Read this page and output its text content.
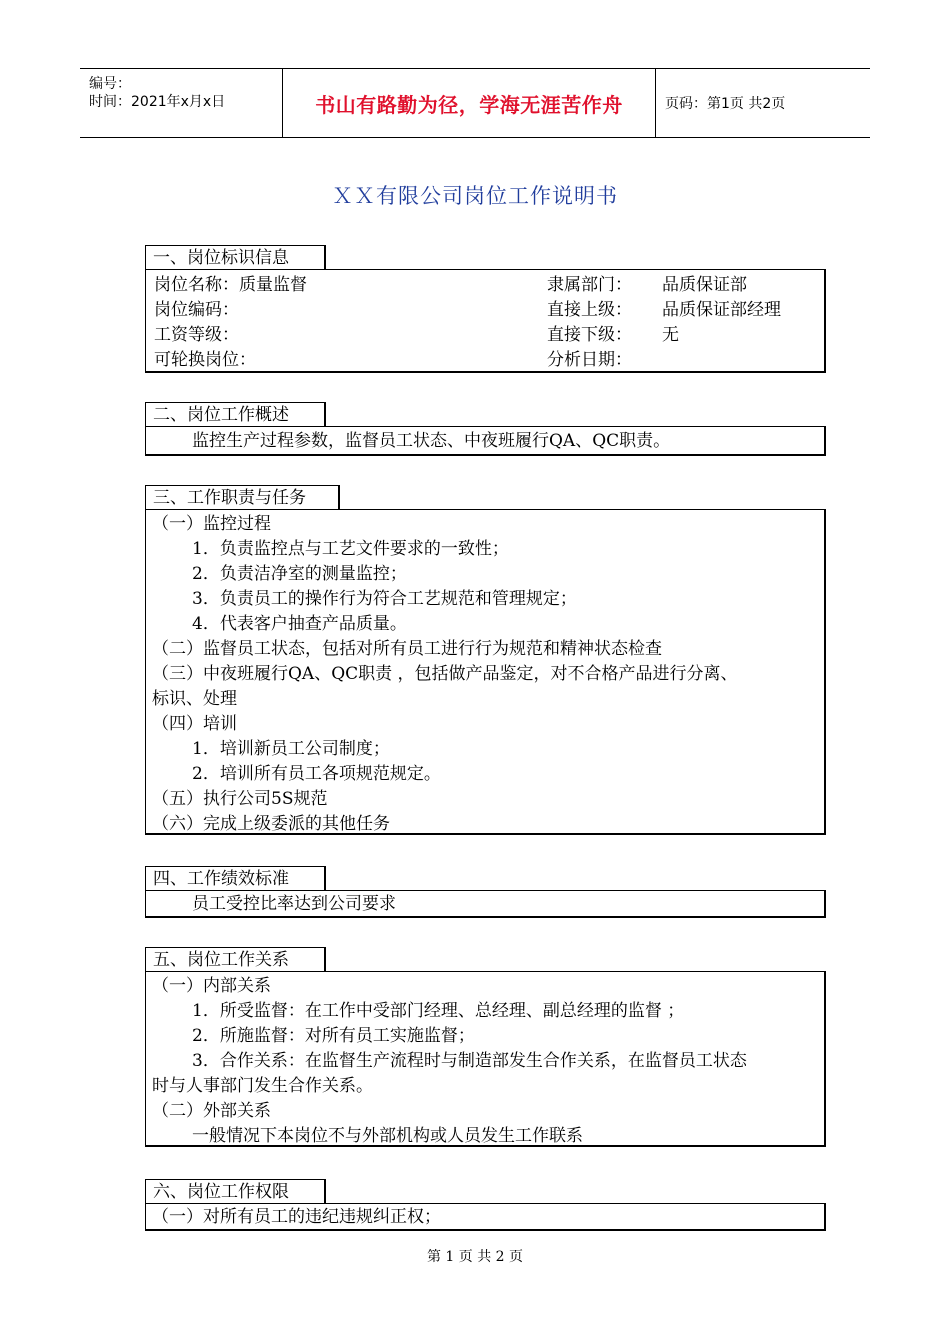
编号：
时间：2021年x月x日	书山有路勤为径，学海无涯苦作舟	页码：第1页 共2页
ＸＸ有限公司岗位工作说明书
一、岗位标识信息
岗位名称：质量监督	隶属部门： 品质保证部
岗位编码：	直接上级： 品质保证部经理
工资等级：	直接下级： 无
可轮换岗位：	分析日期：
二、岗位工作概述
监控生产过程参数，监督员工状态、中夜班履行QA、QC职责。
三、工作职责与任务
（一）监控过程
1．负责监控点与工艺文件要求的一致性；
2．负责洁净室的测量监控；
3．负责员工的操作行为符合工艺规范和管理规定；
4．代表客户抽查产品质量。
（二）监督员工状态，包括对所有员工进行行为规范和精神状态检查
（三）中夜班履行QA、QC职责 ，包括做产品鉴定，对不合格产品进行分离、
标识、处理
（四）培训
1．培训新员工公司制度；
2．培训所有员工各项规范规定。
（五）执行公司5S规范
（六）完成上级委派的其他任务
四、工作绩效标准
员工受控比率达到公司要求
五、岗位工作关系
（一）内部关系
1．所受监督：在工作中受部门经理、总经理、副总经理的监督 ；
2．所施监督：对所有员工实施监督；
3．合作关系：在监督生产流程时与制造部发生合作关系，在监督员工状态
时与人事部门发生合作关系。
（二）外部关系
一般情况下本岗位不与外部机构或人员发生工作联系
六、岗位工作权限
（一）对所有员工的违纪违规纠正权；
第 1 页 共 2 页
